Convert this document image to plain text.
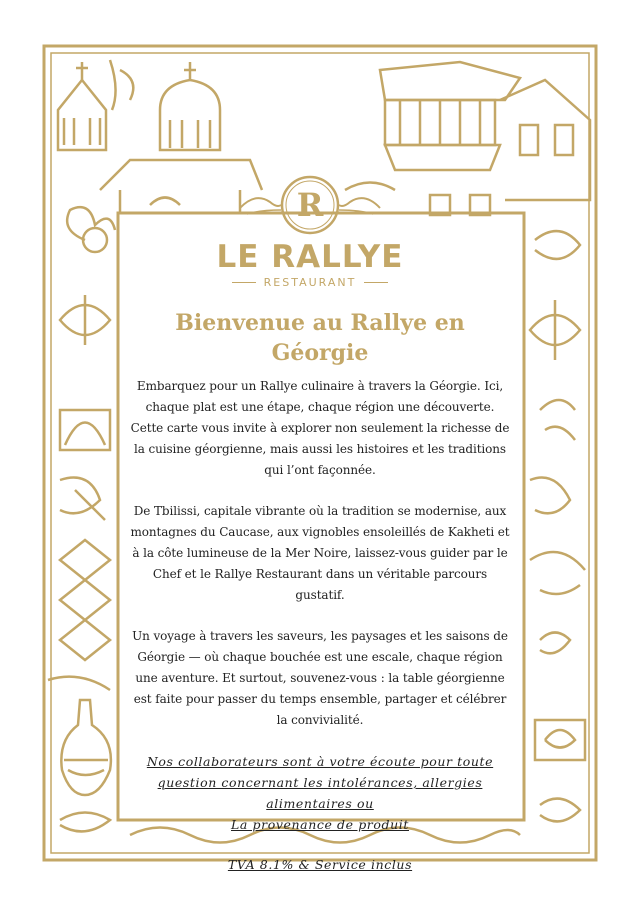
R
LE RALLYE
RESTAURANT
Bienvenue au Rallye en Géorgie

Embarquez pour un Rallye culinaire à travers la Géorgie. Ici, chaque plat est une étape, chaque région une découverte. Cette carte vous invite à explorer non seulement la richesse de la cuisine géorgienne, mais aussi les histoires et les traditions qui l’ont façonnée.

De Tbilissi, capitale vibrante où la tradition se modernise, aux montagnes du Caucase, aux vignobles ensoleillés de Kakheti et à la côte lumineuse de la Mer Noire, laissez-vous guider par le Chef et le Rallye Restaurant dans un véritable parcours gustatif.

Un voyage à travers les saveurs, les paysages et les saisons de Géorgie — où chaque bouchée est une escale, chaque région une aventure. Et surtout, souvenez-vous : la table géorgienne est faite pour passer du temps ensemble, partager et célébrer la convivialité.

Nos collaborateurs sont à votre écoute pour toute
question concernant les intolérances, allergies
alimentaires ou
La provenance de produit

TVA 8.1% & Service inclus
